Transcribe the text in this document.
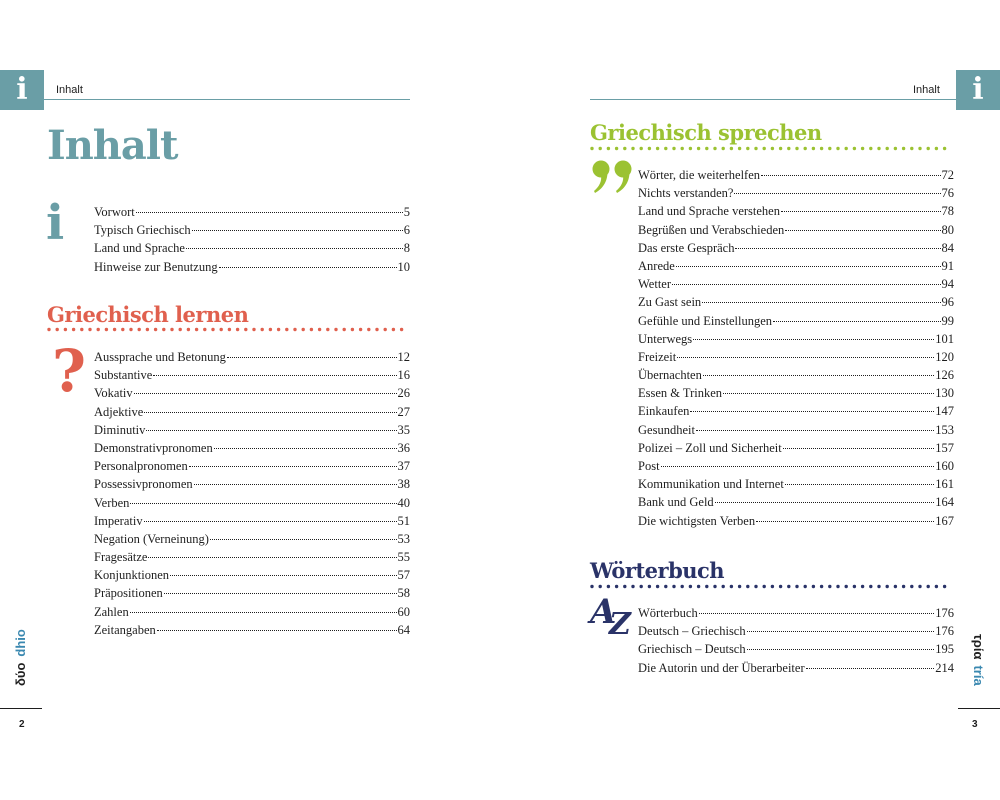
i	Inhalt
Inhalt
i Vorwort	5
Typisch Griechisch	6
Land und Sprache	8
Hinweise zur Benutzung	10
Griechisch lernen
? Aussprache und Betonung	12
Substantive	16
Vokativ	26
Adjektive	27
Diminutiv	35
Demonstrativpronomen	36
Personalpronomen	37
Possessivpronomen	38
Verben	40
Imperativ	51
Negation (Verneinung)	53
Fragesätze	55
Konjunktionen	57
Präpositionen	58
Zahlen	60
Zeitangaben	64
δύοdhio
2
i
Inhalt
Griechisch sprechen
Wörter, die weiterhelfen	72
Nichts verstanden?	76
Land und Sprache verstehen	78
Begrüßen und Verabschieden	80
Das erste Gespräch	84
Anrede	91
Wetter	94
Zu Gast sein	96
Gefühle und Einstellungen	99
Unterwegs	101
Freizeit	120
Übernachten	126
Essen & Trinken	130
Einkaufen	147
Gesundheit	153
Polizei – Zoll und Sicherheit	157
Post	160
Kommunikation und Internet	161
Bank und Geld	164
Die wichtigsten Verben	167
Wörterbuch
A
Z Wörterbuch	176
Deutsch – Griechisch	176
Griechisch – Deutsch	195
Die Autorin und der Überarbeiter	214
τρίαtría
3
